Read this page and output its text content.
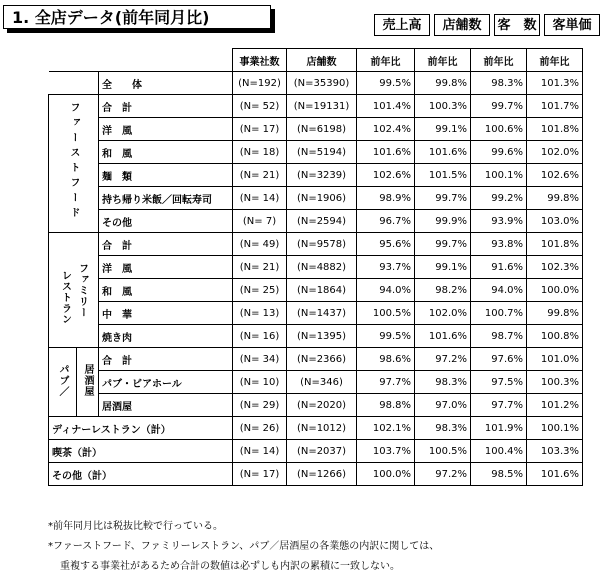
1. 全店データ(前年同月比)	売上高	店舗数	客　数	客単価
			事業社数	店舗数	前年比	前年比	前年比	前年比
		全　　体	(N=192)	(N=35390)	99.5%	99.8%	98.3%	101.3%
ファーストフード		合　計	(N= 52)	(N=19131)	101.4%	100.3%	99.7%	101.7%
		洋　風	(N= 17)	(N=6198)	102.4%	99.1%	100.6%	101.8%
		和　風	(N= 18)	(N=5194)	101.6%	101.6%	99.6%	102.0%
		麺　類	(N= 21)	(N=3239)	102.6%	101.5%	100.1%	102.6%
		持ち帰り米飯／回転寿司	(N= 14)	(N=1906)	98.9%	99.7%	99.2%	99.8%
		その他	(N= 7)	(N=2594)	96.7%	99.9%	93.9%	103.0%

ファミリー
レストラン		合　計	(N= 49)	(N=9578)	95.6%	99.7%	93.8%	101.8%
		洋　風	(N= 21)	(N=4882)	93.7%	99.1%	91.6%	102.3%
		和　風	(N= 25)	(N=1864)	94.0%	98.2%	94.0%	100.0%
		中　華	(N= 13)	(N=1437)	100.5%	102.0%	100.7%	99.8%
		焼き肉	(N= 16)	(N=1395)	99.5%	101.6%	98.7%	100.8%
パブ／	居酒屋	合　計	(N= 34)	(N=2366)	98.6%	97.2%	97.6%	101.0%
		パブ・ビアホール	(N= 10)	(N=346)	97.7%	98.3%	97.5%	100.3%
		居酒屋	(N= 29)	(N=2020)	98.8%	97.0%	97.7%	101.2%
ディナーレストラン（計）			(N= 26)	(N=1012)	102.1%	98.3%	101.9%	100.1%
喫茶（計）			(N= 14)	(N=2037)	103.7%	100.5%	100.4%	103.3%
その他（計）			(N= 17)	(N=1266)	100.0%	97.2%	98.5%	101.6%
*前年同月比は税抜比較で行っている。
*ファーストフード、ファミリーレストラン、パブ／居酒屋の各業態の内訳に関しては、
重複する事業社があるため合計の数値は必ずしも内訳の累積に一致しない。
